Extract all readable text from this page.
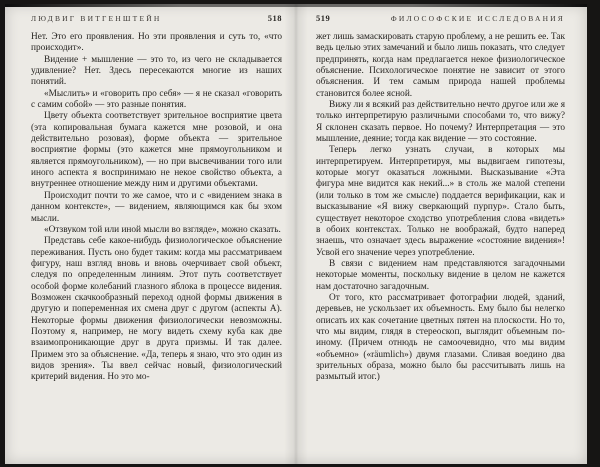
ЛЮДВИГ ВИТГЕНШТЕЙН	518

Нет. Это его проявления. Но эти проявления и суть то, «что происходит».

Видение + мышление — это то, из чего не складывается удивление? Нет. Здесь пересекаются многие из наших понятий.

«Мыслить» и «говорить про себя» — я не сказал «говорить с самим собой» — это разные понятия.

Цвету объекта соответствует зрительное восприятие цвета (эта копировальная бумага кажется мне розовой, и она действительно розовая), форме объекта — зрительное восприятие формы (это кажется мне прямоугольником и является прямоугольником), — но при высвечивании того или иного аспекта я воспринимаю не некое свойство объекта, а внутреннее отношение между ним и другими объектами.

Происходит почти то же самое, что и с «видением знака в данном контексте», — видением, являющимся как бы эхом мысли.

«Отзвуком той или иной мысли во взгляде», можно сказать.

Представь себе какое-нибудь физиологическое объяснение переживания. Пусть оно будет таким: когда мы рассматриваем фигуру, наш взгляд вновь и вновь очерчивает свой объект, следуя по определенным линиям. Этот путь соответствует особой форме колебаний глазного яблока в процессе видения. Возможен скачкообразный переход одной формы движения в другую и попеременная их смена друг с другом (аспекты А). Некоторые формы движения физиологически невозможны. Поэтому я, например, не могу видеть схему куба как две взаимопроникающие друг в друга призмы. И так далее. Примем это за объяснение. «Да, теперь я знаю, что это один из видов зрения». Ты ввел сейчас новый, физиологический критерий видения. Но это мо-

519	ФИЛОСОФСКИЕ ИССЛЕДОВАНИЯ

жет лишь замаскировать старую проблему, а не решить ее. Так ведь целью этих замечаний и было лишь показать, что следует предпринять, когда нам предлагается некое физиологическое объяснение. Психологическое понятие не зависит от этого объяснения. И тем самым природа нашей проблемы становится более ясной.

Вижу ли я всякий раз действительно нечто другое или же я только интерпретирую различными способами то, что вижу? Я склонен сказать первое. Но почему? Интерпретация — это мышление, деяние; тогда как видение — это состояние.

Теперь легко узнать случаи, в которых мы интерпретируем. Интерпретируя, мы выдвигаем гипотезы, которые могут оказаться ложными. Высказывание «Эта фигура мне видится как некий...» в столь же малой степени (или только в том же смысле) поддается верификации, как и высказывание «Я вижу сверкающий пурпур». Стало быть, существует некоторое сходство употребления слова «видеть» в обоих контекстах. Только не воображай, будто наперед знаешь, что означает здесь выражение «состояние видения»! Усвой его значение через употребление.

В связи с видением нам представляются загадочными некоторые моменты, поскольку видение в целом не кажется нам достаточно загадочным.

От того, кто рассматривает фотографии людей, зданий, деревьев, не ускользает их объемность. Ему было бы нелегко описать их как сочетание цветных пятен на плоскости. Но то, что мы видим, глядя в стереоскоп, выглядит объемным по-иному. (Причем отнюдь не самоочевидно, что мы видим «объемно» («räumlich») двумя глазами. Сливая воедино два зрительных образа, можно было бы рассчитывать лишь на размытый итог.)
